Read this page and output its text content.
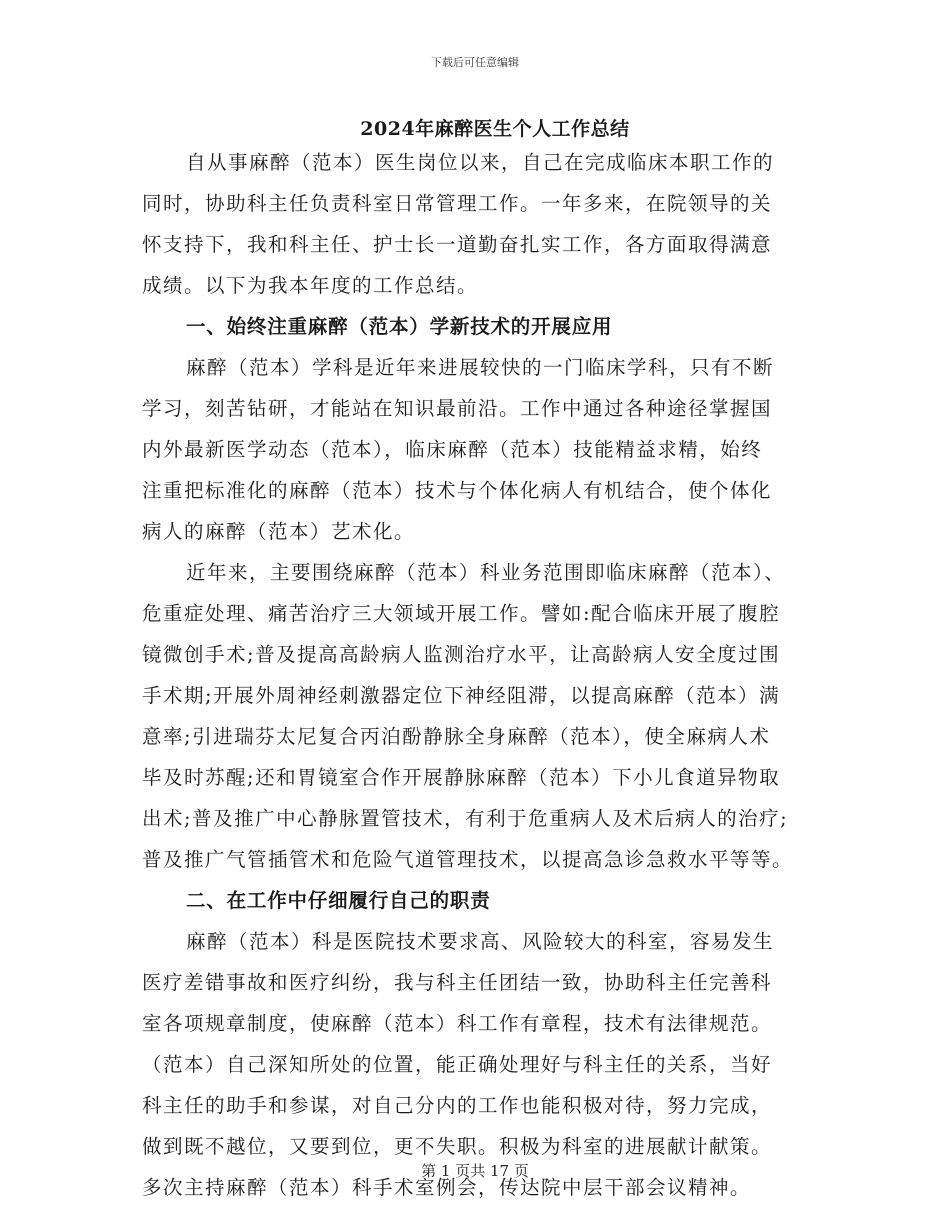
下载后可任意编辑
2024年麻醉医生个人工作总结
自从事麻醉（范本）医生岗位以来，自己在完成临床本职工作的
同时，协助科主任负责科室日常管理工作。一年多来，在院领导的关
怀支持下，我和科主任、护士长一道勤奋扎实工作，各方面取得满意
成绩。以下为我本年度的工作总结。
一、始终注重麻醉（范本）学新技术的开展应用
麻醉（范本）学科是近年来进展较快的一门临床学科，只有不断
学习，刻苦钻研，才能站在知识最前沿。工作中通过各种途径掌握国
内外最新医学动态（范本），临床麻醉（范本）技能精益求精，始终
注重把标准化的麻醉（范本）技术与个体化病人有机结合，使个体化
病人的麻醉（范本）艺术化。
近年来，主要围绕麻醉（范本）科业务范围即临床麻醉（范本）、
危重症处理、痛苦治疗三大领域开展工作。譬如:配合临床开展了腹腔
镜微创手术;普及提高高龄病人监测治疗水平，让高龄病人安全度过围
手术期;开展外周神经刺激器定位下神经阻滞，以提高麻醉（范本）满
意率;引进瑞芬太尼复合丙泊酚静脉全身麻醉（范本），使全麻病人术
毕及时苏醒;还和胃镜室合作开展静脉麻醉（范本）下小儿食道异物取
出术;普及推广中心静脉置管技术，有利于危重病人及术后病人的治疗;
普及推广气管插管术和危险气道管理技术，以提高急诊急救水平等等。
二、在工作中仔细履行自己的职责
麻醉（范本）科是医院技术要求高、风险较大的科室，容易发生
医疗差错事故和医疗纠纷，我与科主任团结一致，协助科主任完善科
室各项规章制度，使麻醉（范本）科工作有章程，技术有法律规范。
（范本）自己深知所处的位置，能正确处理好与科主任的关系，当好
科主任的助手和参谋，对自己分内的工作也能积极对待，努力完成，
做到既不越位，又要到位，更不失职。积极为科室的进展献计献策。
多次主持麻醉（范本）科手术室例会，传达院中层干部会议精神。
第 1 页共 17 页
